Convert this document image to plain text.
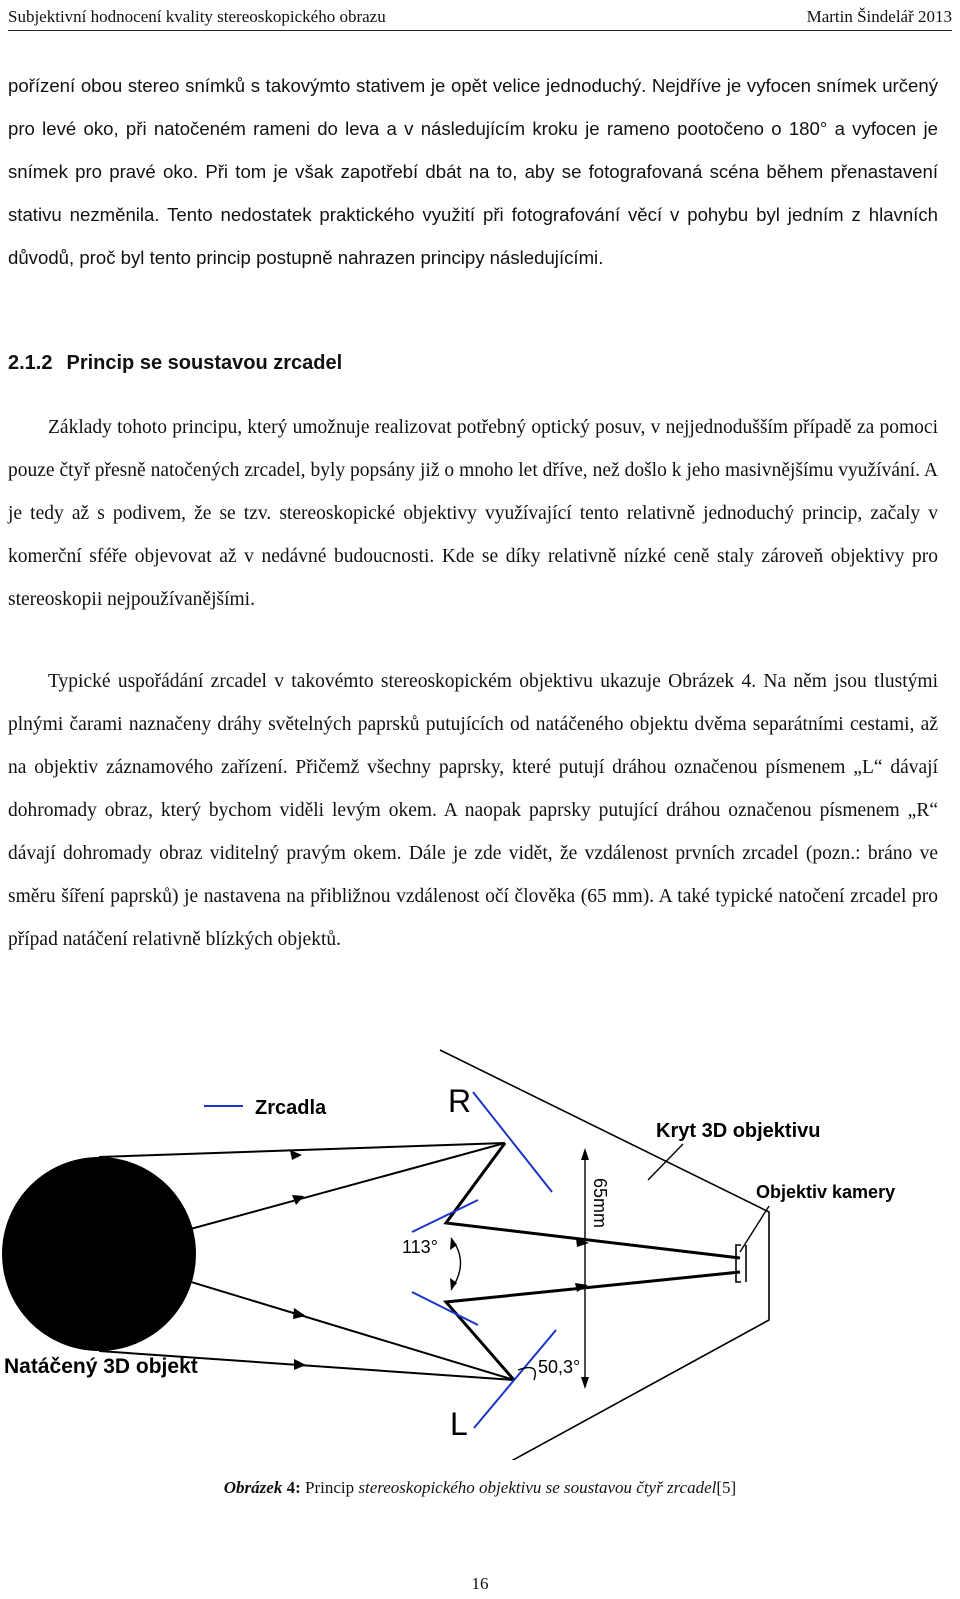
Subjektivní hodnocení kvality stereoskopického obrazu	Martin Šindelář 2013

pořízení obou stereo snímků s takovýmto stativem je opět velice jednoduchý. Nejdříve je vyfocen snímek určený pro levé oko, při natočeném rameni do leva a v následujícím kroku je rameno pootočeno o 180° a vyfocen je snímek pro pravé oko. Při tom je však zapotřebí dbát na to, aby se fotografovaná scéna během přenastavení stativu nezměnila. Tento nedostatek praktického využití při fotografování věcí v pohybu byl jedním z hlavních důvodů, proč byl tento princip postupně nahrazen principy následujícími.

2.1.2 Princip se soustavou zrcadel

Základy tohoto principu, který umožnuje realizovat potřebný optický posuv, v nejjednodušším případě za pomoci pouze čtyř přesně natočených zrcadel, byly popsány již o mnoho let dříve, než došlo k jeho masivnějšímu využívání. A je tedy až s podivem, že se tzv. stereoskopické objektivy využívající tento relativně jednoduchý princip, začaly v komerční sféře objevovat až v nedávné budoucnosti. Kde se díky relativně nízké ceně staly zároveň objektivy pro stereoskopii nejpoužívanějšími.

Typické uspořádání zrcadel v takovémto stereoskopickém objektivu ukazuje Obrázek 4. Na něm jsou tlustými plnými čarami naznačeny dráhy světelných paprsků putujících od natáčeného objektu dvěma separátními cestami, až na objektiv záznamového zařízení. Přičemž všechny paprsky, které putují dráhou označenou písmenem „L“ dávají dohromady obraz, který bychom viděli levým okem. A naopak paprsky putující dráhou označenou písmenem „R“ dávají dohromady obraz viditelný pravým okem. Dále je zde vidět, že vzdálenost prvních zrcadel (pozn.: bráno ve směru šíření paprsků) je nastavena na přibližnou vzdálenost očí člověka (65 mm). A také typické natočení zrcadel pro případ natáčení relativně blízkých objektů.

Zrcadla
113°
50,3°
R
L
65mm
Kryt 3D objektivu
Objektiv kamery
Natáčený 3D objekt
Obrázek 4: Princip stereoskopického objektivu se soustavou čtyř zrcadel[5]
16
